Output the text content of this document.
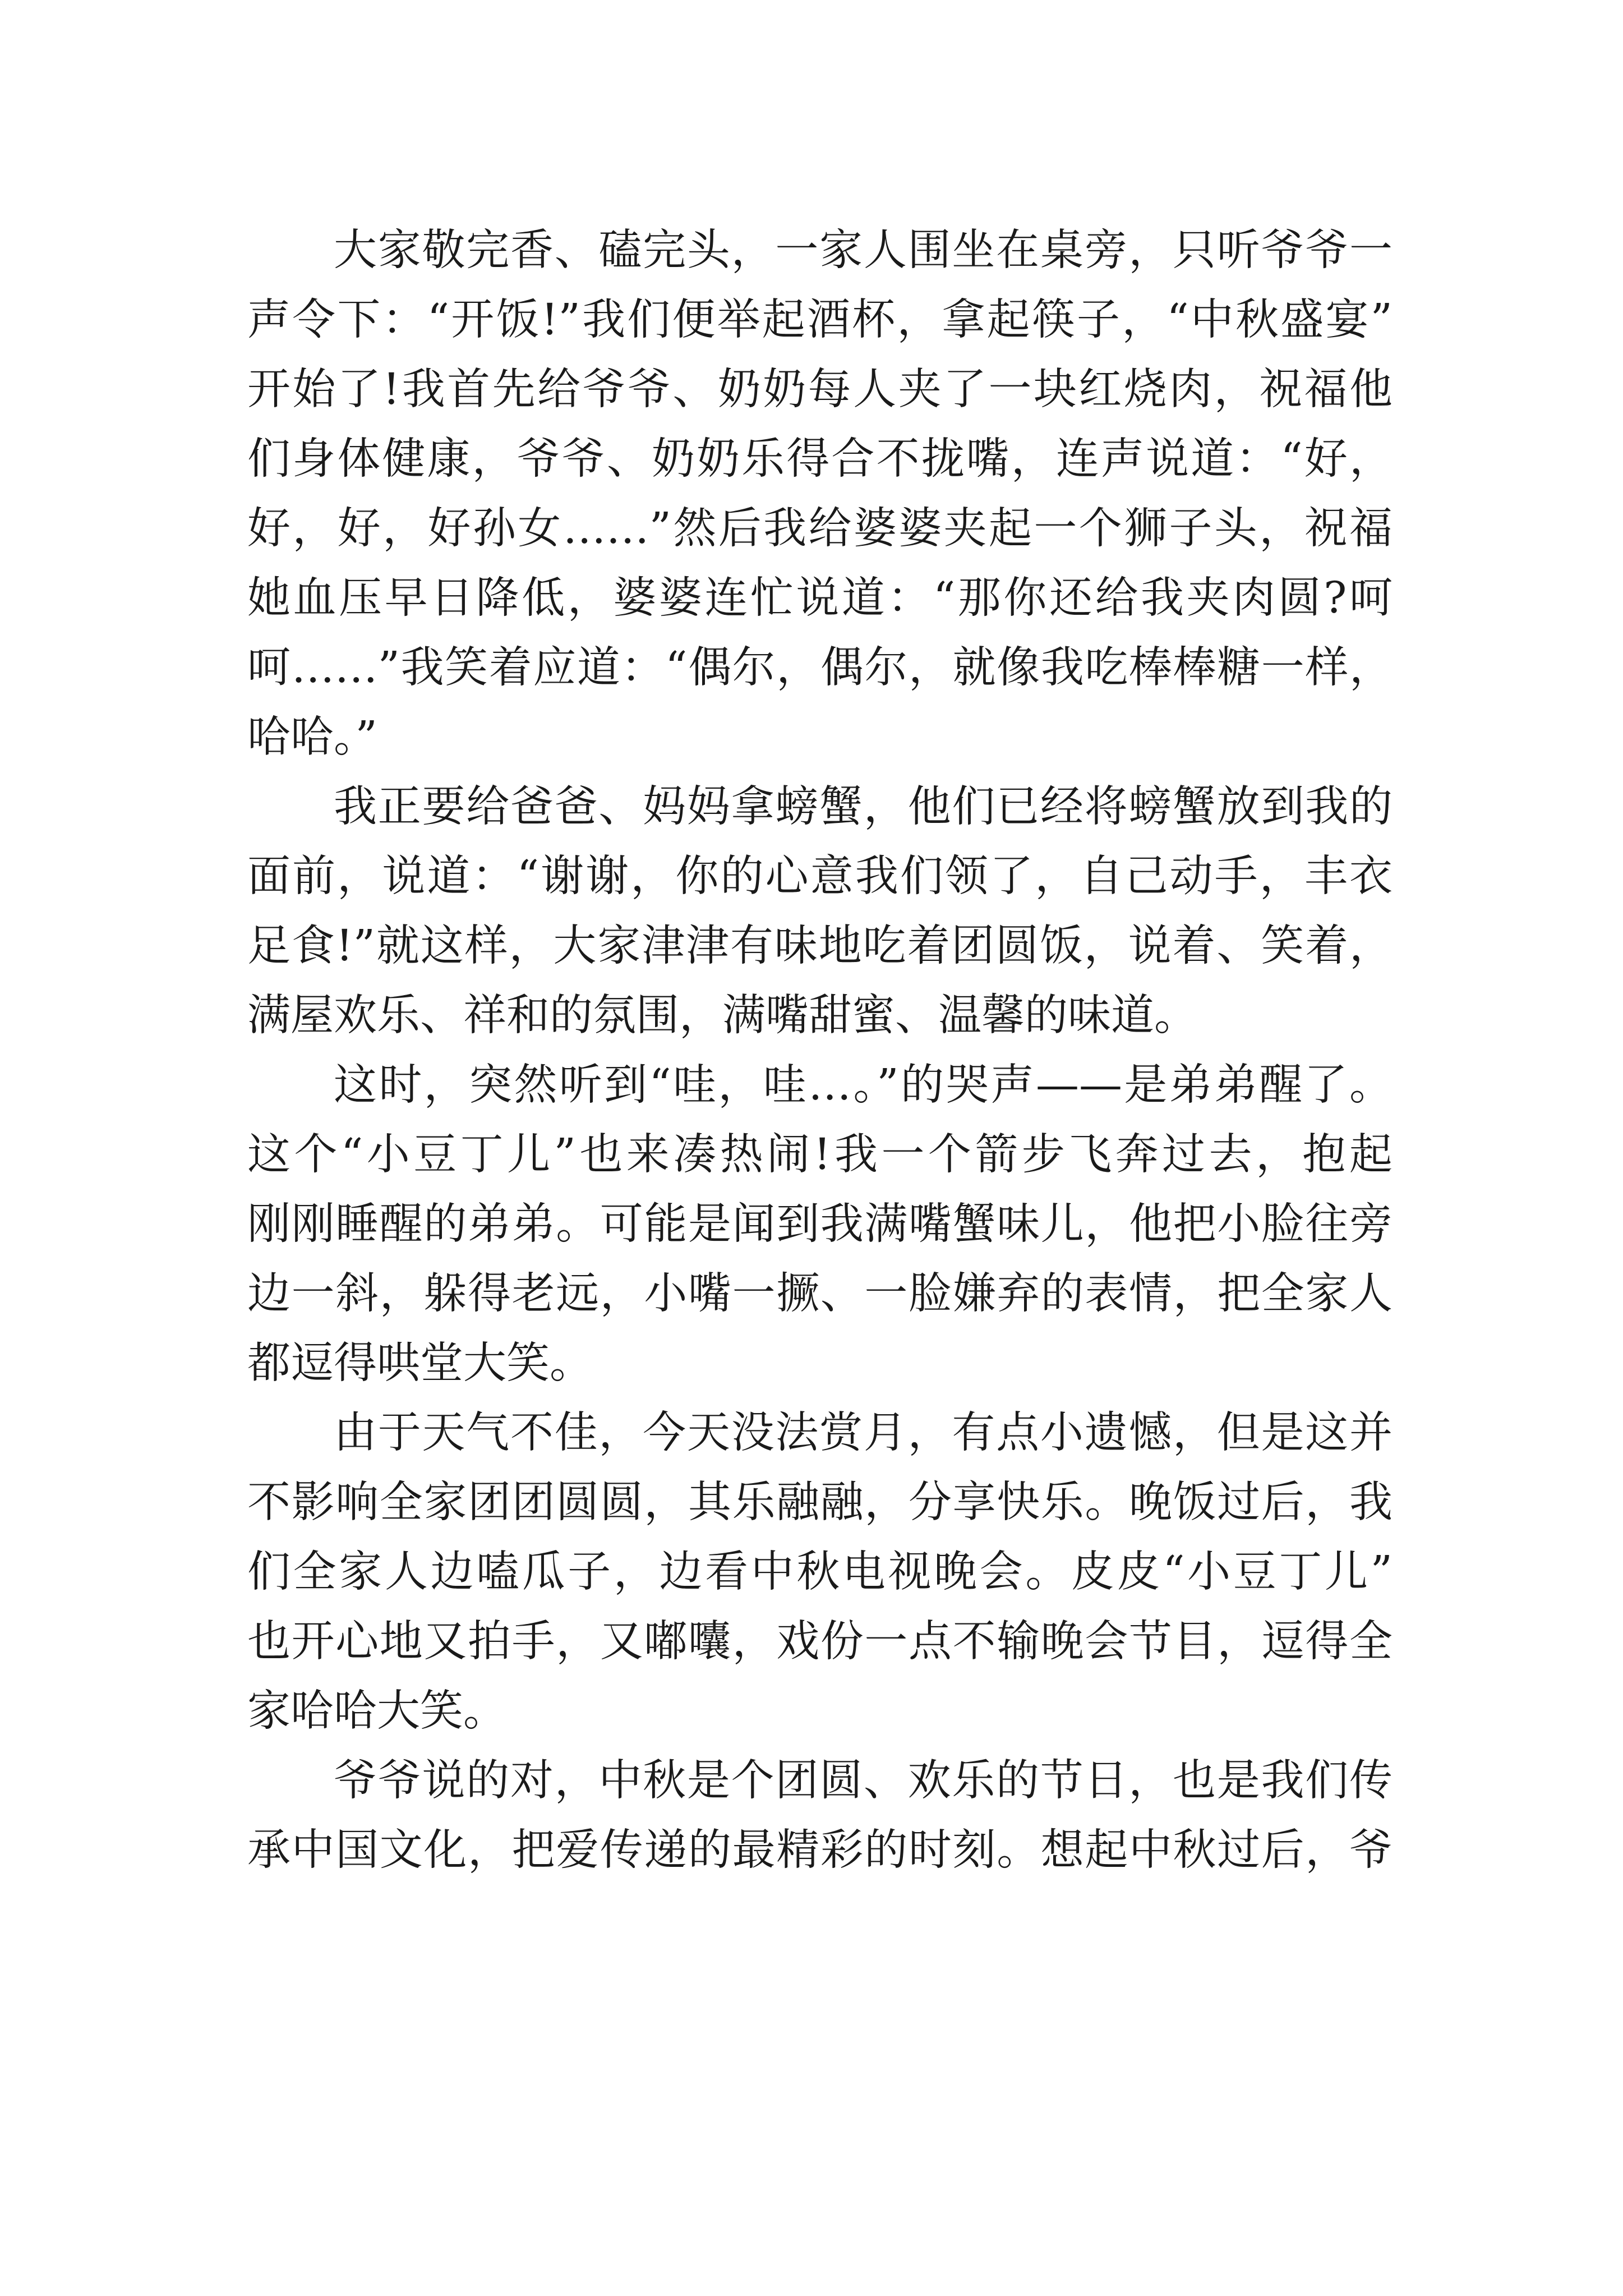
大家敬完香、磕完头，一家人围坐在桌旁，只听爷爷一
声令下：“开饭!”我们便举起酒杯，拿起筷子，“中秋盛宴”
开始了!我首先给爷爷、奶奶每人夹了一块红烧肉，祝福他
们身体健康，爷爷、奶奶乐得合不拢嘴，连声说道：“好，
好，好，好孙女……”然后我给婆婆夹起一个狮子头，祝福
她血压早日降低，婆婆连忙说道：“那你还给我夹肉圆?呵
呵……”我笑着应道：“偶尔，偶尔，就像我吃棒棒糖一样，
哈哈。”
我正要给爸爸、妈妈拿螃蟹，他们已经将螃蟹放到我的
面前，说道：“谢谢，你的心意我们领了，自己动手，丰衣
足食!”就这样，大家津津有味地吃着团圆饭，说着、笑着，
满屋欢乐、祥和的氛围，满嘴甜蜜、温馨的味道。
这时，突然听到“哇，哇…。”的哭声——是弟弟醒了。
这个“小豆丁儿”也来凑热闹!我一个箭步飞奔过去，抱起
刚刚睡醒的弟弟。可能是闻到我满嘴蟹味儿，他把小脸往旁
边一斜，躲得老远，小嘴一撅、一脸嫌弃的表情，把全家人
都逗得哄堂大笑。
由于天气不佳，今天没法赏月，有点小遗憾，但是这并
不影响全家团团圆圆，其乐融融，分享快乐。晚饭过后，我
们全家人边嗑瓜子，边看中秋电视晚会。皮皮“小豆丁儿”
也开心地又拍手，又嘟囔，戏份一点不输晚会节目，逗得全
家哈哈大笑。
爷爷说的对，中秋是个团圆、欢乐的节日，也是我们传
承中国文化，把爱传递的最精彩的时刻。想起中秋过后，爷
